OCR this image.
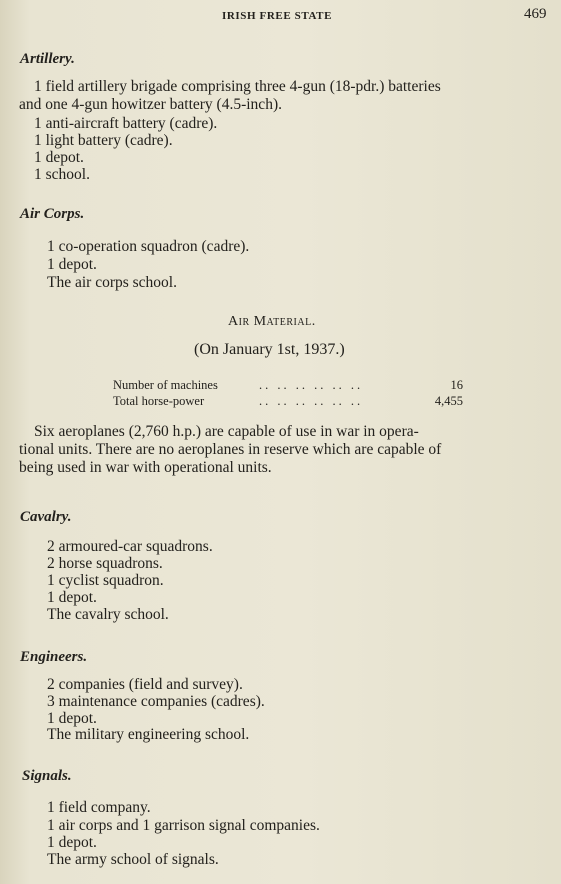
IRISH FREE STATE	469
Artillery.
1 field artillery brigade comprising three 4-gun (18-pdr.) batteries
and one 4-gun howitzer battery (4.5-inch).
1 anti-aircraft battery (cadre).
1 light battery (cadre).
1 depot.
1 school.
Air Corps.
1 co-operation squadron (cadre).
1 depot.
The air corps school.
Air Material.
(On January 1st, 1937.)
Number of machines	.. .. .. .. .. ..	16
Total horse-power	.. .. .. .. .. ..	4,455
Six aeroplanes (2,760 h.p.) are capable of use in war in opera-
tional units. There are no aeroplanes in reserve which are capable of
being used in war with operational units.
Cavalry.
2 armoured-car squadrons.
2 horse squadrons.
1 cyclist squadron.
1 depot.
The cavalry school.
Engineers.
2 companies (field and survey).
3 maintenance companies (cadres).
1 depot.
The military engineering school.
Signals.
1 field company.
1 air corps and 1 garrison signal companies.
1 depot.
The army school of signals.
